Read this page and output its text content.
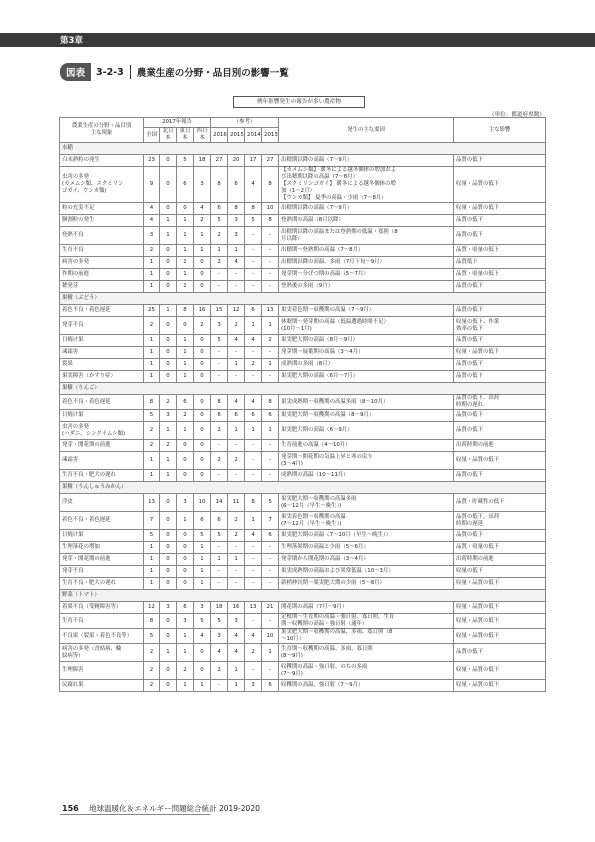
第3章
図表	3-2-3 農業生産の分野・品目別の影響一覧
例年影響発生の報告が多い農産物
（単位：都道府県数）
農業生産の分野・品目別
主な現象	2017年報告				（参考）				発生の主な要因	主な影響
	全国	北日本	東日本	西日本	2016	2015	2014	2013		
水稲										
白未熟粒の発生	23	0	5	18	27	20	17	27	出穂期以降の高温（7〜9月）	品質の低下
虫害の多発
(カメムシ類、スクミリン
ゴガイ、ウンカ類)	9	0	6	3	8	6	4	8	【カメムシ類】 暖冬による越冬個体の増加およ
び出穂期以降の高温（7〜8月）
【スクミリンゴガイ】 暖冬による越冬個体の増
加（1〜2月）
【ウンカ類】 夏季の高温・少雨（7〜8月）	収量・品質の低下
粒の充実不足	4	0	0	4	6	8	8	10	出穂期以降の高温（7〜9月）	収量・品質の低下
胴割粒の発生	4	1	1	2	5	3	5	8	登熟期の高温（8月以降）	品質の低下
登熟不良	3	1	1	1	2	3	-	-	出穂期以降の高温または登熟期の低温・寡照（8
月以降）	品質の低下
生育不良	2	0	1	1	1	1	-	-	出穂期〜登熟期の高温（7〜8月）	品質・収量の低下
病害の多発	1	0	1	0	2	4	-	-	出穂期以降の高温、多雨（7月下旬〜9月）	品質低下
作期の前進	1	0	1	0	-	-	-	-	発芽期〜分げつ期の高温（5〜7月）	品質・収量の低下
穂発芽	1	0	1	0	-	-	-	-	登熟後の多雨（9月）	品質の低下
果樹（ぶどう）										
着色不良・着色遅延	25	1	8	16	15	12	6	13	果実着色期〜収穫期の高温（7〜9月）	品質の低下
発芽不良	2	0	0	2	3	2	1	1	休眠期〜発芽期の高温（低温遭遇時間不足）
(10月〜1月)	収量の低下、作業
効率の低下
日焼け果	1	0	1	0	5	4	4	2	果実肥大期の高温（8月〜9月）	品質の低下
凍霜害	1	0	1	0	-	-	-	-	発芽期〜展葉期の高温（3〜4月）	収量・品質の低下
裂果	1	0	1	0	-	1	2	1	成熟期の多雨（8月）	品質の低下
果実障害（かすり症）	1	0	1	0	-	-	-	-	果実肥大期の高温（6月〜7月）	品質の低下
果樹（りんご）										
着色不良・着色遅延	8	2	6	0	8	4	4	8	果実成熟期〜収穫期の高温多雨（8〜10月）	品質の低下、出荷
時期の遅れ
日焼け果	5	3	2	0	6	6	6	6	果実肥大期〜収穫期の高温（8〜9月）	品質の低下
虫害の多発
(ハダニ、シンクイムシ類)	2	1	1	0	2	1	1	1	果実肥大期の高温（6〜9月）	品質の低下
発芽・開花期の前進	2	2	0	0	-	-	-	-	生育前進の高温（4〜10月）	出荷時期の前進
凍霜害	1	1	0	0	2	2	-	-	発芽期〜開花期の気温上昇と寒の戻り
(3〜4月)	収量・品質の低下
生育不良・肥大の遅れ	1	1	0	0	-	-	-	-	成熟期の高温（10〜11月）	品質の低下
果樹（うんしゅうみかん）										
浮皮	13	0	3	10	14	11	8	5	果実肥大期〜収穫期の高温多雨
(6〜12月（早生〜晩生）)	品質・貯蔵性の低下
着色不良・着色遅延	7	0	1	6	6	2	1	7	果実着色期〜収穫期の高温
(7〜12月（早生〜晩生）)	品質の低下、出荷
時期の遅延
日焼け果	5	0	0	5	5	2	4	6	果実肥大期の高温（7〜10月（早生〜晩生））	品質の低下
生理落花の増加	1	0	0	1	-	-	-	-	生理落果期の高温と少雨（5〜6月）	品質・収量の低下
発芽・開花期の前進	1	0	0	1	1	1	-	-	発芽期から開花期の高温（3〜4月）	出荷時期の前進
発芽不良	1	0	0	1	-	-	-	-	果実成熟期の高温および異常低温（10〜3月）	収量の低下
生育不良・肥大の遅れ	1	0	0	1	-	-	-	-	新梢伸長期〜果実肥大期の少雨（5〜8月）	収量・品質の低下
野菜（トマト）										
着果不良（受精障害等）	12	3	6	3	18	16	13	21	開花期の高温（7月〜9月）	収量・品質の低下
生育不良	8	0	3	5	5	3	-	-	定植期〜生育期の高温・強日射、寡日照、生育
期〜収穫期の高温・強日射（通年）	収量・品質の低下
不良果（裂果・着色不良等）	5	0	1	4	3	4	4	10	果実肥大期〜収穫期の高温、多雨、寡日照（8
〜10月）	収量・品質の低下
病害の多発（青枯病、輪
紋病等）	2	1	1	0	4	4	2	1	生育期〜収穫期の高温、多雨、寡日照
(8〜9月)	品質の低下
生理障害	2	0	2	0	2	1	-	-	収穫期の高温・強日射、のちの多雨
(7〜9月)	収量・品質の低下
尻腐れ果	2	0	1	1	-	1	3	6	収穫期の高温、強日射（7〜9月）	収量・品質の低下
156 地球温暖化＆エネルギー問題総合統計 2019-2020
